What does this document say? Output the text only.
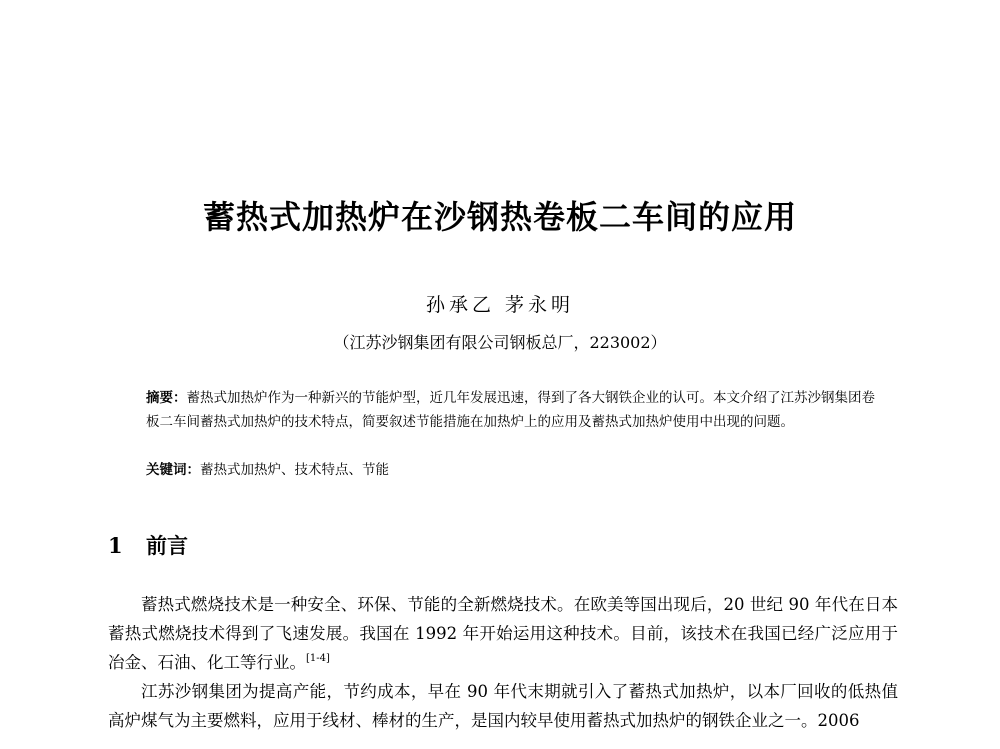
蓄热式加热炉在沙钢热卷板二车间的应用
孙承乙 茅永明
（江苏沙钢集团有限公司钢板总厂，223002）
摘要：蓄热式加热炉作为一种新兴的节能炉型，近几年发展迅速，得到了各大钢铁企业的认可。本文介绍了江苏沙钢集团卷板二车间蓄热式加热炉的技术特点，简要叙述节能措施在加热炉上的应用及蓄热式加热炉使用中出现的问题。
关键词：蓄热式加热炉、技术特点、节能
1 前言

蓄热式燃烧技术是一种安全、环保、节能的全新燃烧技术。在欧美等国出现后，20 世纪 90 年代在日本蓄热式燃烧技术得到了飞速发展。我国在 1992 年开始运用这种技术。目前，该技术在我国已经广泛应用于冶金、石油、化工等行业。[1-4]

江苏沙钢集团为提高产能，节约成本，早在 90 年代末期就引入了蓄热式加热炉，以本厂回收的低热值高炉煤气为主要燃料，应用于线材、棒材的生产，是国内较早使用蓄热式加热炉的钢铁企业之一。2006
